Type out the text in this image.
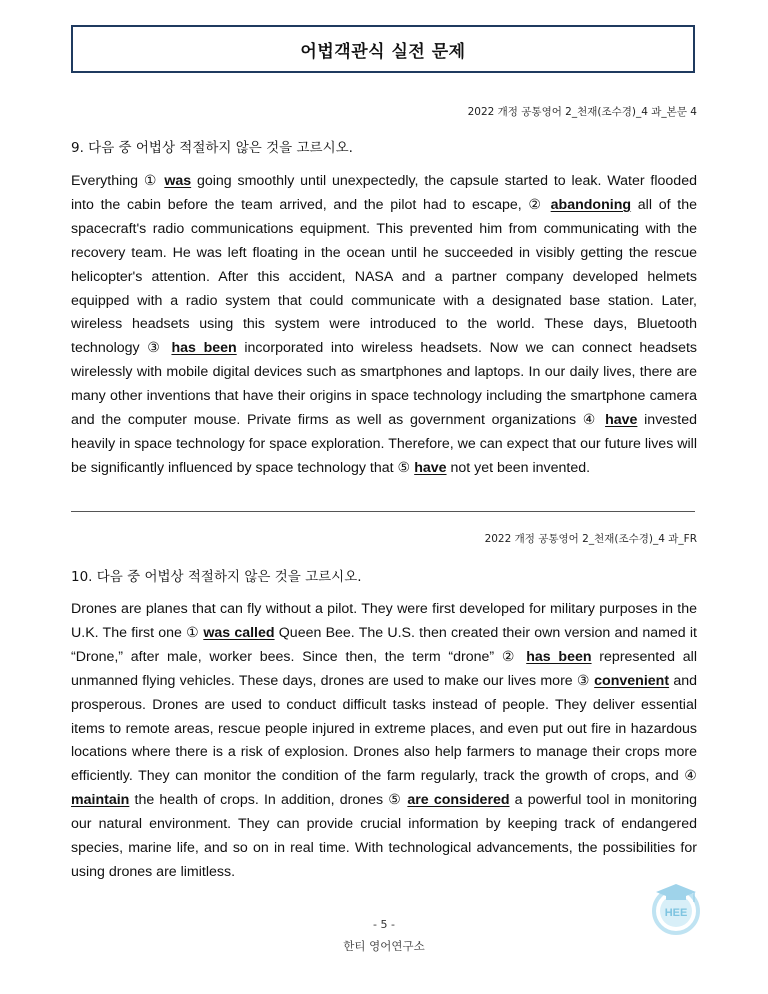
어법객관식 실전 문제
2022 개정 공통영어 2_천재(조수경)_4 과_본문 4
9. 다음 중 어법상 적절하지 않은 것을 고르시오.

Everything ① was going smoothly until unexpectedly, the capsule started to leak. Water flooded into the cabin before the team arrived, and the pilot had to escape, ② abandoning all of the spacecraft's radio communications equipment. This prevented him from communicating with the recovery team. He was left floating in the ocean until he succeeded in visibly getting the rescue helicopter's attention. After this accident, NASA and a partner company developed helmets equipped with a radio system that could communicate with a designated base station. Later, wireless headsets using this system were introduced to the world. These days, Bluetooth technology ③ has been incorporated into wireless headsets. Now we can connect headsets wirelessly with mobile digital devices such as smartphones and laptops. In our daily lives, there are many other inventions that have their origins in space technology including the smartphone camera and the computer mouse. Private firms as well as government organizations ④ have invested heavily in space technology for space exploration. Therefore, we can expect that our future lives will be significantly influenced by space technology that ⑤ have not yet been invented.

2022 개정 공통영어 2_천재(조수경)_4 과_FR
10. 다음 중 어법상 적절하지 않은 것을 고르시오.

Drones are planes that can fly without a pilot. They were first developed for military purposes in the U.K. The first one ① was called Queen Bee. The U.S. then created their own version and named it “Drone,” after male, worker bees. Since then, the term “drone” ② has been represented all unmanned flying vehicles. These days, drones are used to make our lives more ③ convenient and prosperous. Drones are used to conduct difficult tasks instead of people. They deliver essential items to remote areas, rescue people injured in extreme places, and even put out fire in hazardous locations where there is a risk of explosion. Drones also help farmers to manage their crops more efficiently. They can monitor the condition of the farm regularly, track the growth of crops, and ④ maintain the health of crops. In addition, drones ⑤ are considered a powerful tool in monitoring our natural environment. They can provide crucial information by keeping track of endangered species, marine life, and so on in real time. With technological advancements, the possibilities for using drones are limitless.

HEE
- 5 -
한티 영어연구소
